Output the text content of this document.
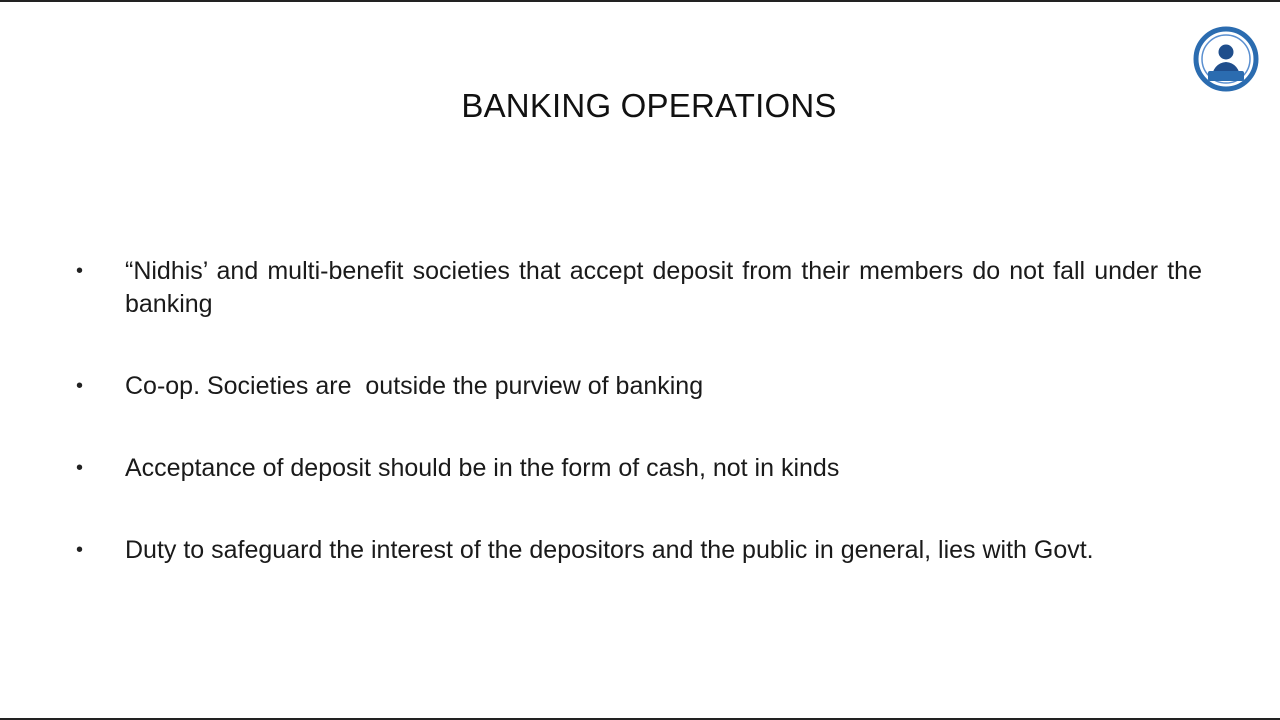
BANKING OPERATIONS
• “Nidhis’ and multi-benefit societies that accept deposit from their members do not fall under the banking
• Co-op. Societies are  outside the purview of banking
• Acceptance of deposit should be in the form of cash, not in kinds
• Duty to safeguard the interest of the depositors and the public in general, lies with Govt.
